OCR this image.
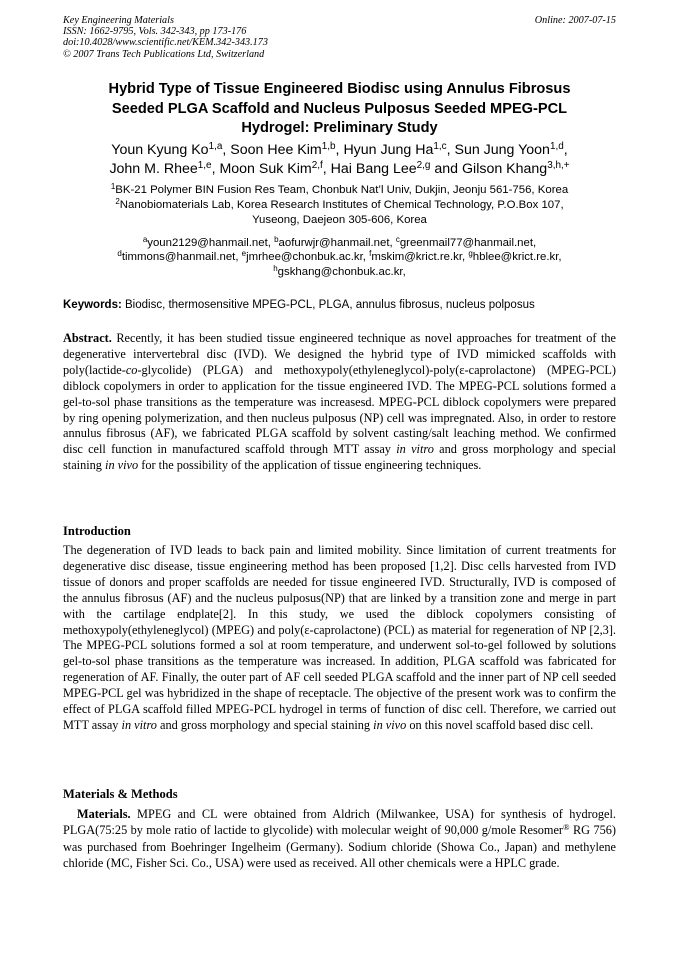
Key Engineering Materials
ISSN: 1662-9795, Vols. 342-343, pp 173-176
doi:10.4028/www.scientific.net/KEM.342-343.173
© 2007 Trans Tech Publications Ltd, Switzerland
Online: 2007-07-15
Hybrid Type of Tissue Engineered Biodisc using Annulus Fibrosus
Seeded PLGA Scaffold and Nucleus Pulposus Seeded MPEG-PCL
Hydrogel: Preliminary Study
Youn Kyung Ko$^{1,a}$, Soon Hee Kim$^{1,b}$, Hyun Jung Ha$^{1,c}$, Sun Jung Yoon$^{1,d}$,
John M. Rhee$^{1,e}$, Moon Suk Kim$^{2,f}$, Hai Bang Lee$^{2,g}$ and Gilson Khang$^{3,h,+}$
$^1$BK-21 Polymer BIN Fusion Res Team, Chonbuk Nat’l Univ, Dukjin, Jeonju 561-756, Korea
$^2$Nanobiomaterials Lab, Korea Research Institutes of Chemical Technology, P.O.Box 107,
Yuseong, Daejeon 305-606, Korea
$^a$youn2129@hanmail.net, $^b$aofurwjr@hanmail.net, $^c$greenmail77@hanmail.net,
$^d$timmons@hanmail.net, $^e$jmrhee@chonbuk.ac.kr, $^f$mskim@krict.re.kr, $^g$hblee@krict.re.kr,
$^h$gskhang@chonbuk.ac.kr,
Keywords: Biodisc, thermosensitive MPEG-PCL, PLGA, annulus fibrosus, nucleus polposus
Abstract. Recently, it has been studied tissue engineered technique as novel approaches for treatment of the degenerative intervertebral disc (IVD). We designed the hybrid type of IVD mimicked scaffolds with poly(lactide-co-glycolide) (PLGA) and methoxypoly(ethyleneglycol)-poly(ε-caprolactone) (MPEG-PCL) diblock copolymers in order to application for the tissue engineered IVD. The MPEG-PCL solutions formed a gel-to-sol phase transitions as the temperature was increasesd. MPEG-PCL diblock copolymers were prepared by ring opening polymerization, and then nucleus pulposus (NP) cell was impregnated. Also, in order to restore annulus fibrosus (AF), we fabricated PLGA scaffold by solvent casting/salt leaching method. We confirmed disc cell function in manufactured scaffold through MTT assay in vitro and gross morphology and special staining in vivo for the possibility of the application of tissue engineering techniques.
Introduction
The degeneration of IVD leads to back pain and limited mobility. Since limitation of current treatments for degenerative disc disease, tissue engineering method has been proposed [1,2]. Disc cells harvested from IVD tissue of donors and proper scaffolds are needed for tissue engineered IVD. Structurally, IVD is composed of the annulus fibrosus (AF) and the nucleus pulposus(NP) that are linked by a transition zone and merge in part with the cartilage endplate[2]. In this study, we used the diblock copolymers consisting of methoxypoly(ethyleneglycol) (MPEG) and poly(ε-caprolactone) (PCL) as material for regeneration of NP [2,3]. The MPEG-PCL solutions formed a sol at room temperature, and underwent sol-to-gel followed by solutions gel-to-sol phase transitions as the temperature was increased. In addition, PLGA scaffold was fabricated for regeneration of AF. Finally, the outer part of AF cell seeded PLGA scaffold and the inner part of NP cell seeded MPEG-PCL gel was hybridized in the shape of receptacle. The objective of the present work was to confirm the effect of PLGA scaffold filled MPEG-PCL hydrogel in terms of function of disc cell. Therefore, we carried out MTT assay in vitro and gross morphology and special staining in vivo on this novel scaffold based disc cell.
Materials & Methods
Materials. MPEG and CL were obtained from Aldrich (Milwankee, USA) for synthesis of hydrogel. PLGA(75:25 by mole ratio of lactide to glycolide) with molecular weight of 90,000 g/mole Resomer® RG 756) was purchased from Boehringer Ingelheim (Germany). Sodium chloride (Showa Co., Japan) and methylene chloride (MC, Fisher Sci. Co., USA) were used as received. All other chemicals were a HPLC grade.
